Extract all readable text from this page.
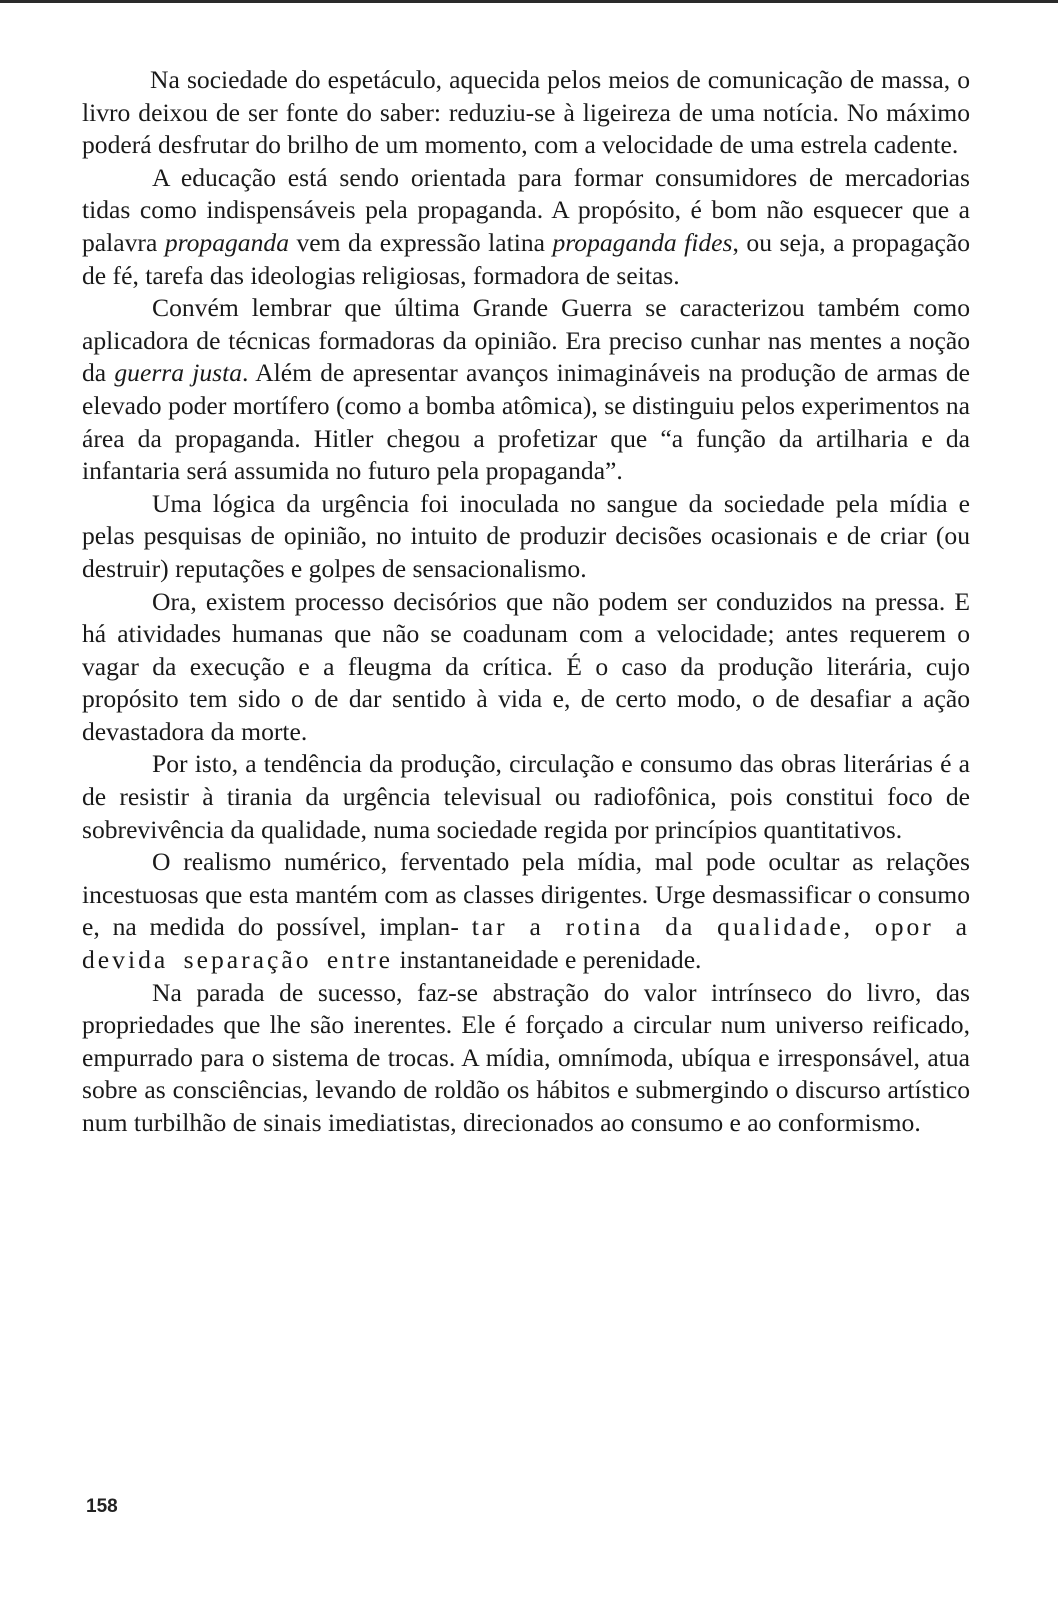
Na sociedade do espetáculo, aquecida pelos meios de comunicação de massa, o livro deixou de ser fonte do saber: reduziu-se à ligeireza de uma notícia. No máximo poderá desfrutar do brilho de um momento, com a velocidade de uma estrela cadente.

A educação está sendo orientada para formar consumidores de mercadorias tidas como indispensáveis pela propaganda. A propósito, é bom não esquecer que a palavra propaganda vem da expressão latina propaganda fides, ou seja, a propagação de fé, tarefa das ideologias religiosas, formadora de seitas.

Convém lembrar que última Grande Guerra se caracterizou também como aplicadora de técnicas formadoras da opinião. Era preciso cunhar nas mentes a noção da guerra justa. Além de apresentar avanços inimagináveis na produção de armas de elevado poder mortífero (como a bomba atômica), se distinguiu pelos experimentos na área da propaganda. Hitler chegou a profetizar que “a função da artilharia e da infantaria será assumida no futuro pela propaganda”.

Uma lógica da urgência foi inoculada no sangue da sociedade pela mídia e pelas pesquisas de opinião, no intuito de produzir decisões ocasionais e de criar (ou destruir) reputações e golpes de sensacionalismo.

Ora, existem processo decisórios que não podem ser conduzidos na pressa. E há atividades humanas que não se coadunam com a velocidade; antes requerem o vagar da execução e a fleugma da crítica. É o caso da produção literária, cujo propósito tem sido o de dar sentido à vida e, de certo modo, o de desafiar a ação devastadora da morte.

Por isto, a tendência da produção, circulação e consumo das obras literárias é a de resistir à tirania da urgência televisual ou radiofônica, pois constitui foco de sobrevivência da qualidade, numa sociedade regida por princípios quantitativos.

O realismo numérico, ferventado pela mídia, mal pode ocultar as relações incestuosas que esta mantém com as classes dirigentes. Urge desmassificar o consumo e, na medida do possível, implan- tar a rotina da qualidade, opor a devida separação entre instantaneidade e perenidade.

Na parada de sucesso, faz-se abstração do valor intrínseco do livro, das propriedades que lhe são inerentes. Ele é forçado a circular num universo reificado, empurrado para o sistema de trocas. A mídia, omnímoda, ubíqua e irresponsável, atua sobre as consciências, levando de roldão os hábitos e submergindo o discurso artístico num turbilhão de sinais imediatistas, direcionados ao consumo e ao conformismo.

158
